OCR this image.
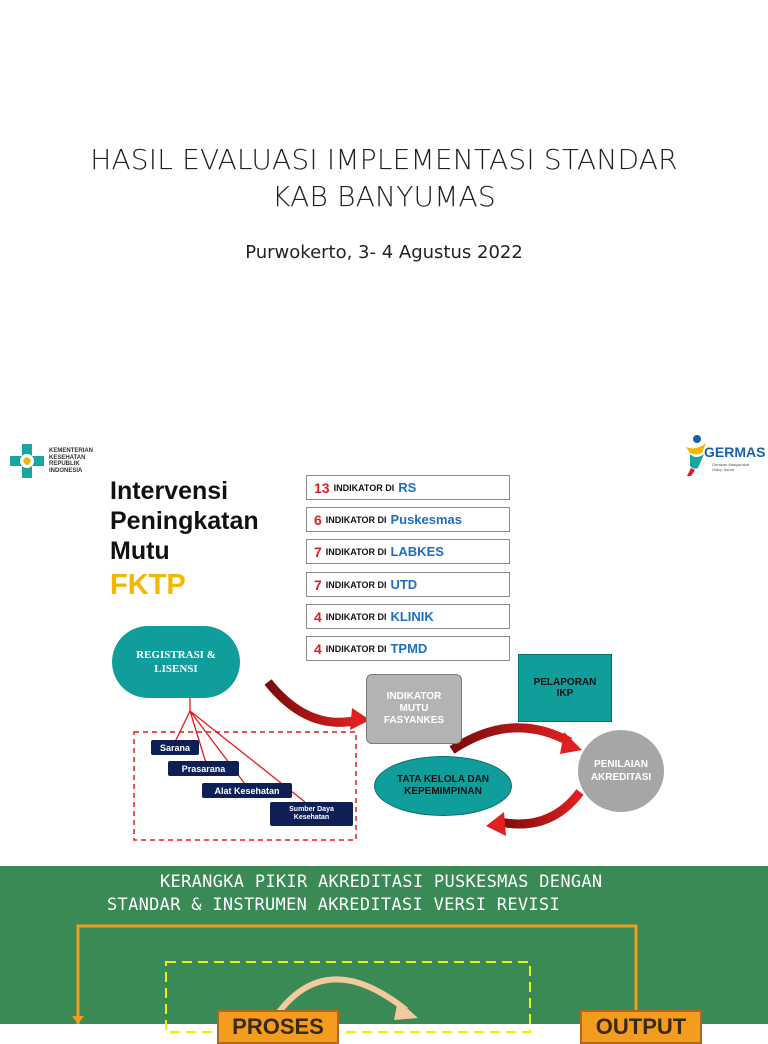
HASIL EVALUASI IMPLEMENTASI STANDAR
KAB BANYUMAS
Purwokerto, 3- 4 Agustus 2022
KEMENTERIAN
KESEHATAN
REPUBLIK
INDONESIA
GERMAS
Gerakan Masyarakat
Hidup Sehat
Intervensi
Peningkatan
Mutu
FKTP
13 INDIKATOR DI RS
6 INDIKATOR DI Puskesmas
7 INDIKATOR DI LABKES
7 INDIKATOR DI UTD
4 INDIKATOR DI KLINIK
4 INDIKATOR DI TPMD
REGISTRASI &
LISENSI
Sarana
Prasarana
Alat Kesehatan
Sumber Daya
Kesehatan
INDIKATOR
MUTU
FASYANKES
PELAPORAN
IKP
TATA KELOLA DAN
KEPEMIMPINAN
PENILAIAN
AKREDITASI
KERANGKA PIKIR AKREDITASI PUSKESMAS DENGAN
STANDAR & INSTRUMEN AKREDITASI VERSI REVISI
PROSES	OUTPUT
